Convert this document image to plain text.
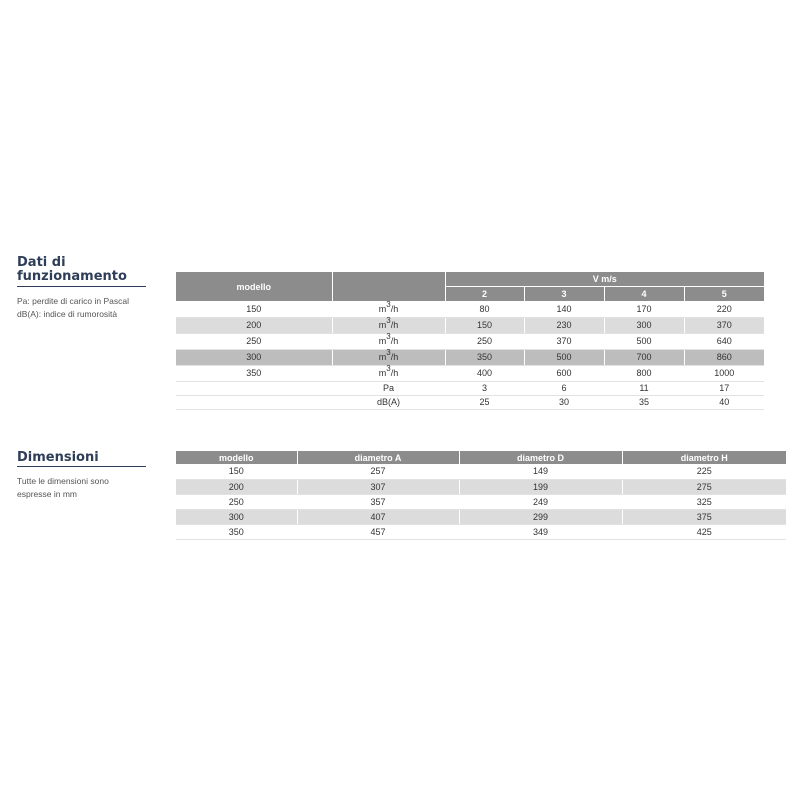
Dati di
funzionamento
Pa: perdite di carico in Pascal
dB(A): indice di rumorosità
modello		V m/s			
		2	3	4	5
150	m3/h	80	140	170	220
200	m3/h	150	230	300	370
250	m3/h	250	370	500	640
300	m3/h	350	500	700	860
350	m3/h	400	600	800	1000
	Pa	3	6	11	17
	dB(A)	25	30	35	40
Dimensioni
Tutte le dimensioni sono
espresse in mm
modello	diametro A	diametro D	diametro H
150	257	149	225
200	307	199	275
250	357	249	325
300	407	299	375
350	457	349	425
